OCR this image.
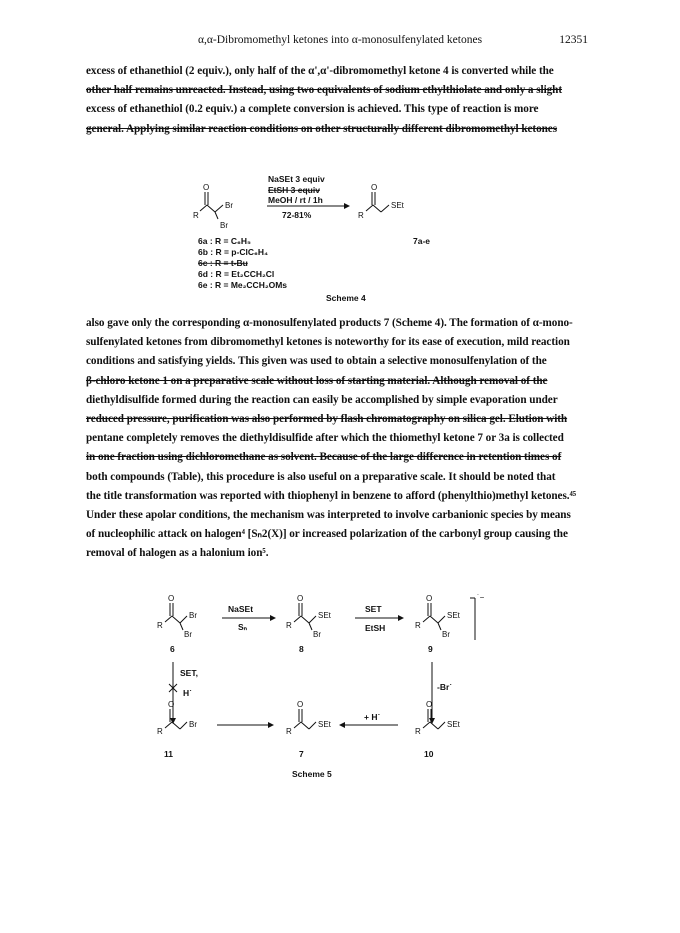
α,α-Dibromomethyl ketones into α-monosulfenylated ketones	12351
excess of ethanethiol (2 equiv.), only half of the α',α'-dibromomethyl ketone 4 is converted while the
other half remains unreacted. Instead, using two equivalents of sodium ethylthiolate and only a slight
excess of ethanethiol (0.2 equiv.) a complete conversion is achieved. This type of reaction is more
general. Applying similar reaction conditions on other structurally different dibromomethyl ketones
O
Br
R
Br
O
R
SEt
NaSEt 3 equiv
EtSH 3 equiv
MeOH / rt / 1h
72-81%
7a-e
6a : R = C₆H₅
6b : R = p-ClC₆H₄
6c : R = t-Bu
6d : R = Et₂CCH₂Cl
6e : R = Me₂CCH₂OMs
Scheme 4
also gave only the corresponding α-monosulfenylated products 7 (Scheme 4). The formation of α-mono-
sulfenylated ketones from dibromomethyl ketones is noteworthy for its ease of execution, mild reaction
conditions and satisfying yields. This given was used to obtain a selective monosulfenylation of the
β-chloro ketone 1 on a preparative scale without loss of starting material. Although removal of the
diethyldisulfide formed during the reaction can easily be accomplished by simple evaporation under
reduced pressure, purification was also performed by flash chromatography on silica gel. Elution with
pentane completely removes the diethyldisulfide after which the thiomethyl ketone 7 or 3a is collected
in one fraction using dichloromethane as solvent. Because of the large difference in retention times of
both compounds (Table), this procedure is also useful on a preparative scale. It should be noted that
the title transformation was reported with thiophenyl in benzene to afford (phenylthio)methyl ketones.⁴⁵
Under these apolar conditions, the mechanism was interpreted to involve carbanionic species by means
of nucleophilic attack on halogen⁴ [Sₙ2(X)] or increased polarization of the carbonyl group causing the
removal of halogen as a halonium ion⁵.
O
Br
R
Br
O
SEt
R
Br
O
SEt
R
Br
˙−
O
Br
R
O
SEt
R
O
SEt
R
NaSEt
Sₙ
SET
EtSH
SET,
H˙
-Br˙
+ H˙
6	8	9
11	7	10
Scheme 5
